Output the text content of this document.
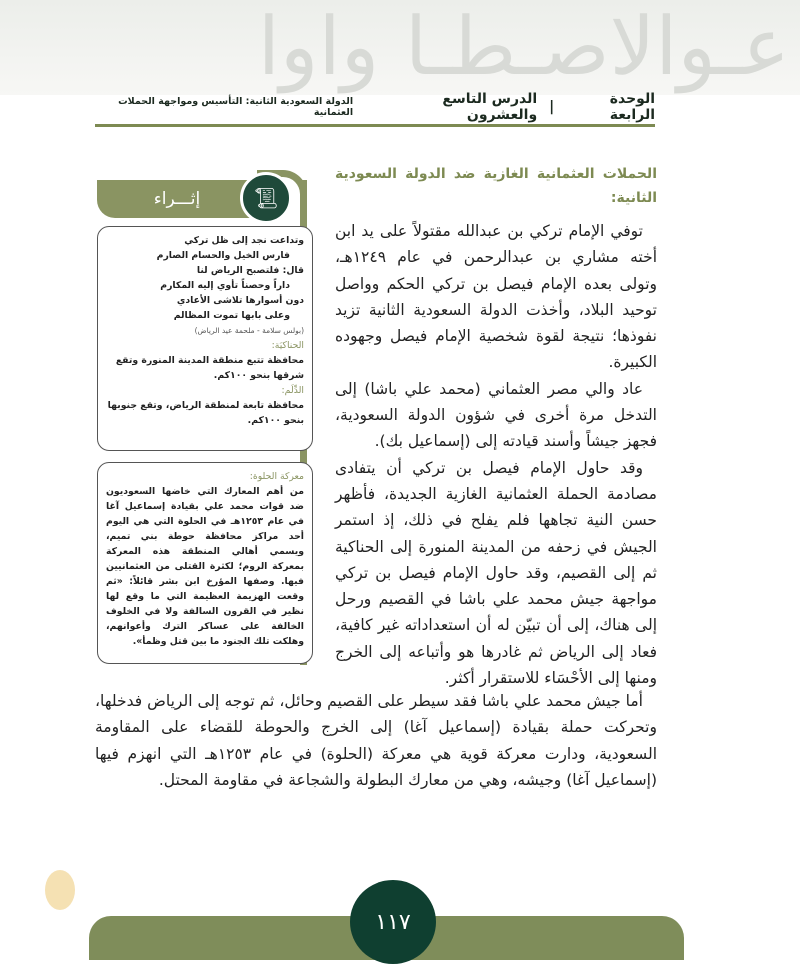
عـوالاصـطـا واوا
الوحدة الرابعة
|
الدرس التاسع والعشرون
الدولة السعودية الثانية: التأسيس ومواجهة الحملات العثمانية

الحملات العثمانية الغازية ضد الدولة السعودية الثانية:

توفي الإمام تركي بن عبدالله مقتولاً على يد ابن أخته مشاري بن عبدالرحمن في عام ١٢٤٩هـ، وتولى بعده الإمام فيصل بن تركي الحكم وواصل توحيد البلاد، وأخذت الدولة السعودية الثانية تزيد نفوذها؛ نتيجة لقوة شخصية الإمام فيصل وجهوده الكبيرة.

عاد والي مصر العثماني (محمد علي باشا) إلى التدخل مرة أخرى في شؤون الدولة السعودية، فجهز جيشاً وأسند قيادته إلى (إسماعيل بك).

وقد حاول الإمام فيصل بن تركي أن يتفادى مصادمة الحملة العثمانية الغازية الجديدة، فأظهر حسن النية تجاهها فلم يفلح في ذلك، إذ استمر الجيش في زحفه من المدينة المنورة إلى الحناكية ثم إلى القصيم، وقد حاول الإمام فيصل بن تركي مواجهة جيش محمد علي باشا في القصيم ورحل إلى هناك، إلى أن تبيّن له أن استعداداته غير كافية، فعاد إلى الرياض ثم غادرها هو وأتباعه إلى الخرج ومنها إلى الأحْسَاء للاستقرار أكثر.

أما جيش محمد علي باشا فقد سيطر على القصيم وحائل، ثم توجه إلى الرياض فدخلها، وتحركت حملة بقيادة (إسماعيل آغا) إلى الخرج والحوطة للقضاء على المقاومة السعودية، ودارت معركة قوية هي معركة (الحلوة) في عام ١٢٥٣هـ التي انهزم فيها (إسماعيل آغا) وجيشه، وهي من معارك البطولة والشجاعة في مقاومة المحتل.

إثـــراء	📜︎
وتداعت نجد إلى ظل تركي
فارس الخيل والحسام الصارم
قال: فلتصبح الرياض لنا
داراً وحصناً تأوي إليه المكارم
دون أسوارها تلاشى الأعادي
وعلى بابها تموت المظالم
(بولس سلامة - ملحمة عيد الرياض)
الحناكيَة:
محافظة تتبع منطقة المدينة المنورة وتقع شرقها بنحو ١٠٠كم.
الدِّلَم:
محافظة تابعة لمنطقة الرياض، وتقع جنوبها بنحو ١٠٠كم.
معركة الحلوة:
من أهم المعارك التي خاضها السعوديون ضد قوات محمد علي بقيادة إسماعيل آغا في عام ١٢٥٣هـ في الحلوة التي هي اليوم أحد مراكز محافظة حوطة بني تميم، ويسمي أهالي المنطقة هذه المعركة بمعركة الروم؛ لكثرة القتلى من العثمانيين فيها. وصفها المؤرخ ابن بشر قائلاً: «ثم وقعت الهزيمة العظيمة التي ما وقع لها نظير في القرون السالفة ولا في الخلوف الخالفة على عساكر الترك وأعوانهم، وهلكت تلك الجنود ما بين قتل وظمأ».
١١٧
